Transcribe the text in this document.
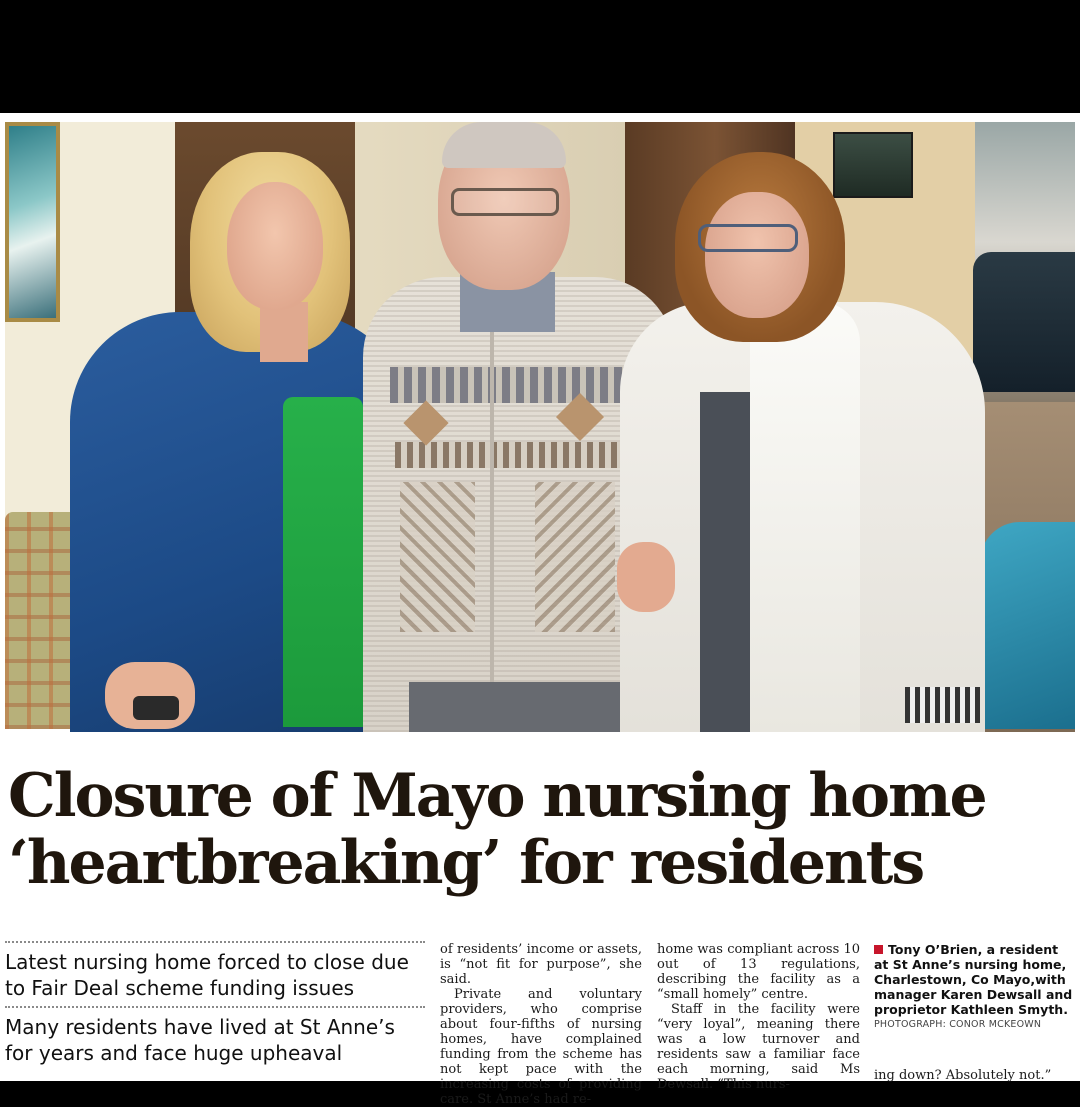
Closure of Mayo nursing home
‘heartbreaking’ for residents
Latest nursing home forced to close due to Fair Deal scheme funding issues
Many residents have lived at St Anne’s for years and face huge upheaval

of residents’ income or assets, is “not fit for purpose”, she said.

Private and voluntary providers, who comprise about four-fifths of nursing homes, have complained funding from the scheme has not kept pace with the increasing costs of providing care. St Anne’s had re-

home was compliant across 10 out of 13 regulations, describing the facility as a “small homely” centre.

Staff in the facility were “very loyal”, meaning there was a low turnover and residents saw a familiar face each morning, said Ms Dewsall. “This nurs-

Tony O’Brien, a resident at St Anne’s nursing home, Charlestown, Co Mayo,with manager Karen Dewsall and proprietor Kathleen Smyth.
PHOTOGRAPH: CONOR MCKEOWN
ing down? Absolutely not.”
